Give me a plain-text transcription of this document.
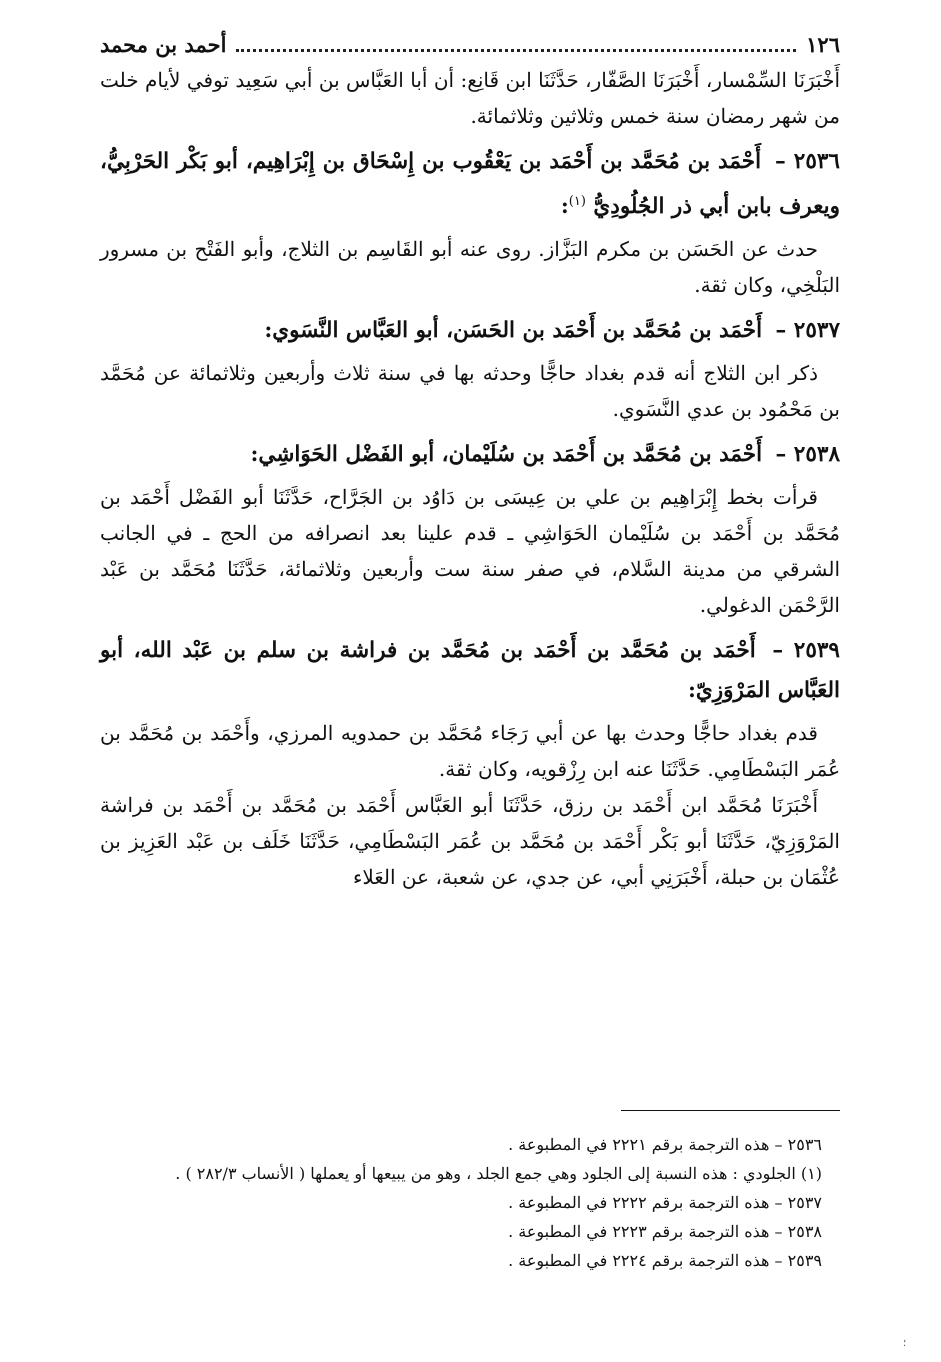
١٢٦
أحمد بن محمد

أَخْبَرَنَا السِّمْسار، أَخْبَرَنَا الصَّفّار، حَدَّثَنَا ابن قَانِع: أن أبا العَبَّاس بن أبي سَعِيد توفي لأيام خلت من شهر رمضان سنة خمس وثلاثين وثلاثمائة.

٢٥٣٦ – أَحْمَد بن مُحَمَّد بن أَحْمَد بن يَعْقُوب بن إِسْحَاق بن إِبْرَاهِيم، أبو بَكْر الحَرْبِيُّ، ويعرف بابن أبي ذر الجُلُودِيُّ $^{(١)}$:

حدث عن الحَسَن بن مكرم البَزَّاز. روى عنه أبو القَاسِم بن الثلاج، وأبو الفَتْح بن مسرور البَلْخِي، وكان ثقة.

٢٥٣٧ – أَحْمَد بن مُحَمَّد بن أَحْمَد بن الحَسَن، أبو العَبَّاس النَّسَوي:

ذكر ابن الثلاج أنه قدم بغداد حاجًّا وحدثه بها في سنة ثلاث وأربعين وثلاثمائة عن مُحَمَّد بن مَحْمُود بن عدي النَّسَوي.

٢٥٣٨ – أَحْمَد بن مُحَمَّد بن أَحْمَد بن سُلَيْمان، أبو الفَضْل الحَوَاشِي:

قرأت بخط إِبْرَاهِيم بن علي بن عِيسَى بن دَاوُد بن الجَرَّاح، حَدَّثَنَا أبو الفَضْل أَحْمَد بن مُحَمَّد بن أَحْمَد بن سُلَيْمان الحَوَاشِي ـ قدم علينا بعد انصرافه من الحج ـ في الجانب الشرقي من مدينة السَّلام، في صفر سنة ست وأربعين وثلاثمائة، حَدَّثَنَا مُحَمَّد بن عَبْد الرَّحْمَن الدغولي.

٢٥٣٩ – أَحْمَد بن مُحَمَّد بن أَحْمَد بن مُحَمَّد بن فراشة بن سلم بن عَبْد الله، أبو العَبَّاس المَرْوَزِيّ:

قدم بغداد حاجًّا وحدث بها عن أبي رَجَاء مُحَمَّد بن حمدويه المرزي، وأَحْمَد بن مُحَمَّد بن عُمَر البَسْطَامِي. حَدَّثَنَا عنه ابن رِزْقويه، وكان ثقة.

أَخْبَرَنَا مُحَمَّد ابن أَحْمَد بن رزق، حَدَّثَنَا أبو العَبَّاس أَحْمَد بن مُحَمَّد بن أَحْمَد بن فراشة المَرْوَزِيّ، حَدَّثَنَا أبو بَكْر أَحْمَد بن مُحَمَّد بن عُمَر البَسْطَامِي، حَدَّثَنَا خَلَف بن عَبْد العَزِيز بن عُثْمَان بن حبلة، أَخْبَرَنِي أبي، عن جدي، عن شعبة، عن العَلاء

٢٥٣٦ – هذه الترجمة برقم ٢٢٢١ في المطبوعة .

(١) الجلودي : هذه النسبة إلى الجلود وهي جمع الجلد ، وهو من يبيعها أو يعملها ( الأنساب ٢٨٢/٣ ) .

٢٥٣٧ – هذه الترجمة برقم ٢٢٢٢ في المطبوعة .

٢٥٣٨ – هذه الترجمة برقم ٢٢٢٣ في المطبوعة .

٢٥٣٩ – هذه الترجمة برقم ٢٢٢٤ في المطبوعة .

؛
